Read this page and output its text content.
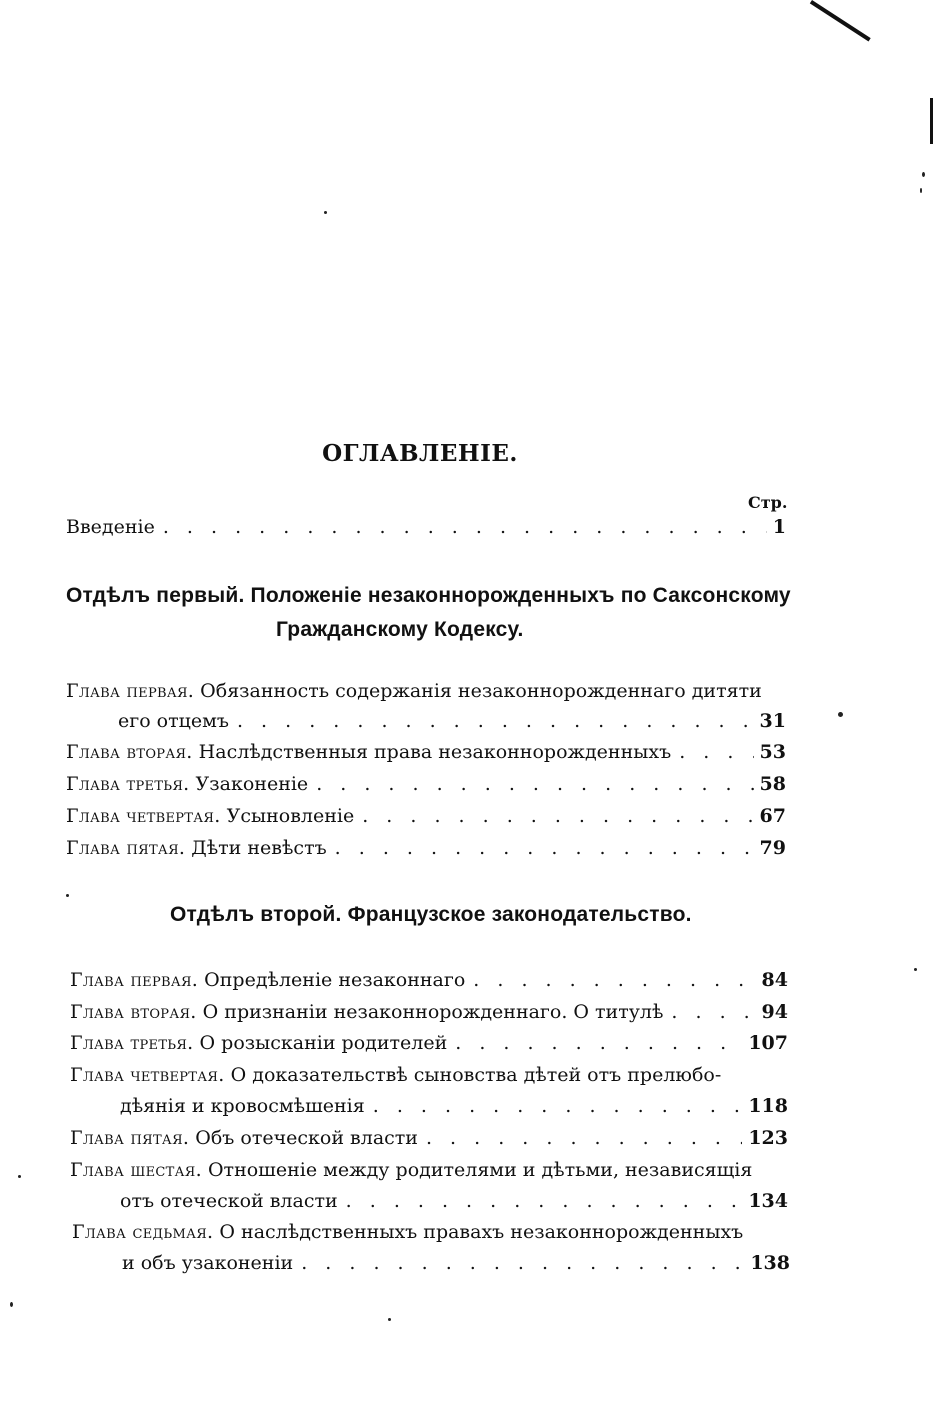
ОГЛАВЛЕНІЕ.
Стр.
Введеніе . . .	1
Отдѣлъ первый. Положеніе незаконнорожденныхъ по Саксонскому
Гражданскому Кодексу.
Глава первая. Обязанность содержанія незаконнорожденнаго дитяти
его отцемъ . . .	31
Глава вторая. Наслѣдственныя права незаконнорожденныхъ . . .	53
Глава третья. Узаконеніе . . .	58
Глава четвертая. Усыновленіе . . .	67
Глава пятая. Дѣти невѣстъ . . .	79
Отдѣлъ второй. Французское законодательство.
Глава первая. Опредѣленіе незаконнаго . . .	84
Глава вторая. О признаніи незаконнорожденнаго. О титулѣ . . .	94
Глава третья. О розысканіи родителей . . .	107
Глава четвертая. О доказательствѣ сыновства дѣтей отъ прелюбо-
дѣянія и кровосмѣшенія . . .	118
Глава пятая. Объ отеческой власти . . .	123
Глава шестая. Отношеніе между родителями и дѣтьми, независящія
отъ отеческой власти . . .	134
Глава седьмая. О наслѣдственныхъ правахъ незаконнорожденныхъ
и объ узаконеніи . . .	138
